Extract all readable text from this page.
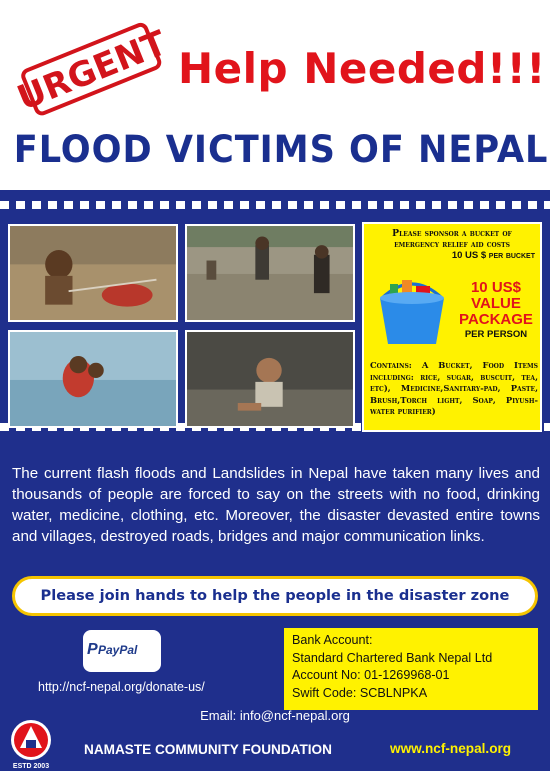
URGENT Help Needed!!!
FLOOD VICTIMS OF NEPAL
Please sponsor a bucket of
emergency relief aid costs
10 US $ per bucket
10 US$
VALUE
PACKAGE
PER PERSON
Contains: A Bucket, Food Items including: rice, sugar, buscuit, tea, etc), Medicine,Sanitary-pad, Paste, Brush,Torch light, Soap, Piyush-water purifier)
The current flash floods and Landslides in Nepal have taken many lives and thousands of people are forced to say on the streets with no food, drinking water, medicine, clothing, etc. Moreover, the disaster devasted entire towns and villages, destroyed roads, bridges and major communication links.
Please join hands to help the people in the disaster zone
P PayPal
http://ncf-nepal.org/donate-us/
Bank Account:
Standard Chartered Bank Nepal Ltd
Account No: 01-1269968-01
Swift Code: SCBLNPKA
Email: info@ncf-nepal.org
ESTD 2003
NAMASTE COMMUNITY FOUNDATION	www.ncf-nepal.org
